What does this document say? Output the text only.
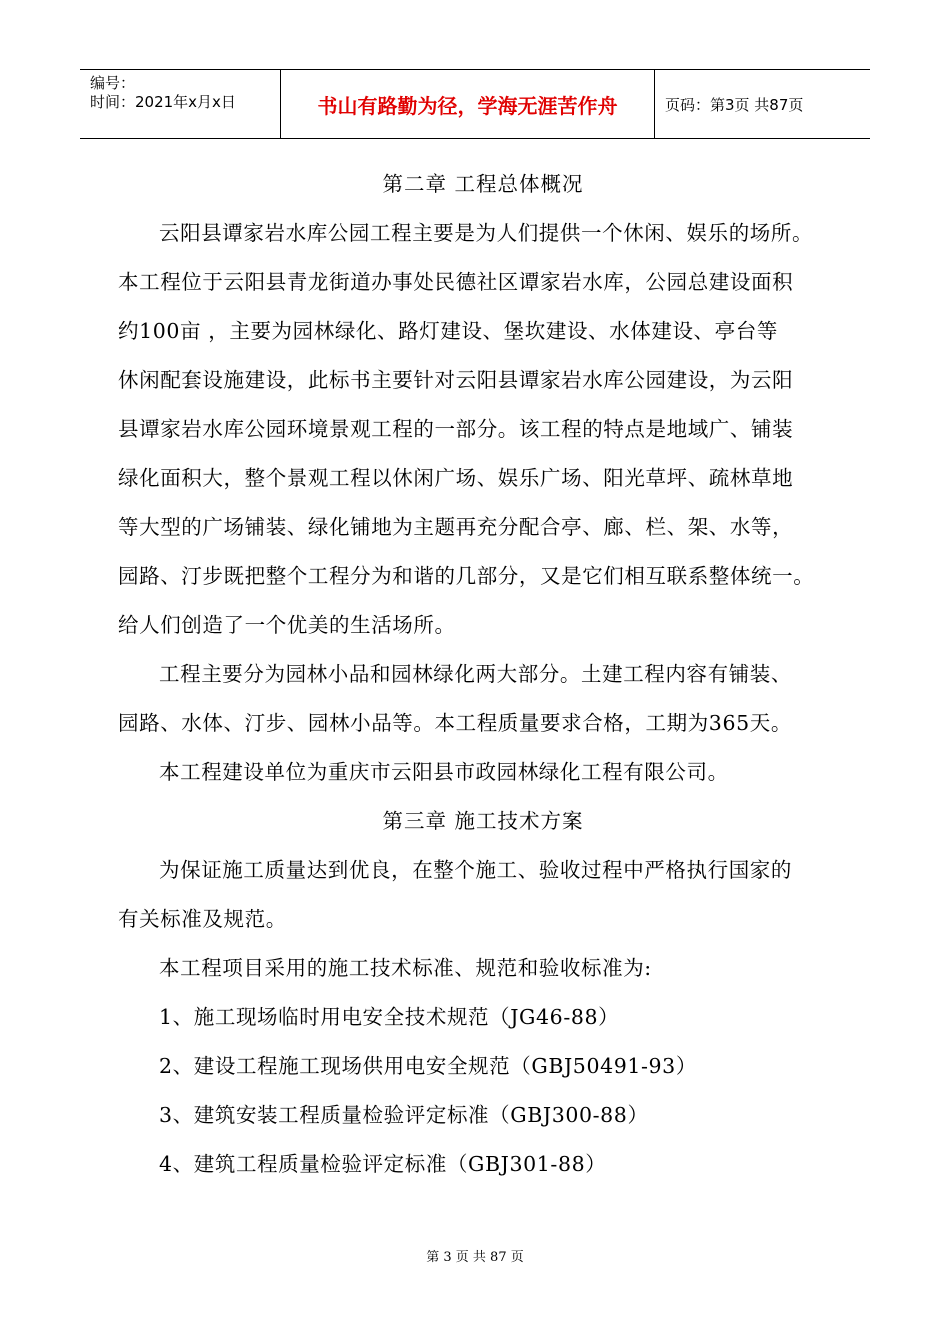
编号：
时间：2021年x月x日	书山有路勤为径，学海无涯苦作舟	页码：第3页 共87页
第二章 工程总体概况
云阳县谭家岩水库公园工程主要是为人们提供一个休闲、娱乐的场所。
本工程位于云阳县青龙街道办事处民德社区谭家岩水库，公园总建设面积
约100亩 ，主要为园林绿化、路灯建设、堡坎建设、水体建设、亭台等
休闲配套设施建设，此标书主要针对云阳县谭家岩水库公园建设，为云阳
县谭家岩水库公园环境景观工程的一部分。该工程的特点是地域广、铺装
绿化面积大，整个景观工程以休闲广场、娱乐广场、阳光草坪、疏林草地
等大型的广场铺装、绿化铺地为主题再充分配合亭、廊、栏、架、水等，
园路、汀步既把整个工程分为和谐的几部分，又是它们相互联系整体统一。
给人们创造了一个优美的生活场所。
工程主要分为园林小品和园林绿化两大部分。土建工程内容有铺装、
园路、水体、汀步、园林小品等。本工程质量要求合格，工期为365天。
本工程建设单位为重庆市云阳县市政园林绿化工程有限公司。
第三章 施工技术方案
为保证施工质量达到优良，在整个施工、验收过程中严格执行国家的
有关标准及规范。
本工程项目采用的施工技术标准、规范和验收标准为:
1、施工现场临时用电安全技术规范（JG46-88）
2、建设工程施工现场供用电安全规范（GBJ50491-93）
3、建筑安装工程质量检验评定标准（GBJ300-88）
4、建筑工程质量检验评定标准（GBJ301-88）
第 3 页 共 87 页
